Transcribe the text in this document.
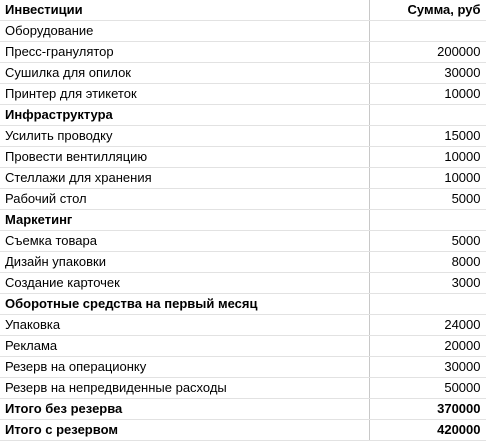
Инвестиции	Сумма, руб
Оборудование	
Пресс-гранулятор	200000
Сушилка для опилок	30000
Принтер для этикеток	10000
Инфраструктура	
Усилить проводку	15000
Провести вентилляцию	10000
Стеллажи для хранения	10000
Рабочий стол	5000
Маркетинг	
Съемка товара	5000
Дизайн упаковки	8000
Создание карточек	3000
Оборотные средства на первый месяц	
Упаковка	24000
Реклама	20000
Резерв на операционку	30000
Резерв на непредвиденные расходы	50000
Итого без резерва	370000
Итого с резервом	420000
